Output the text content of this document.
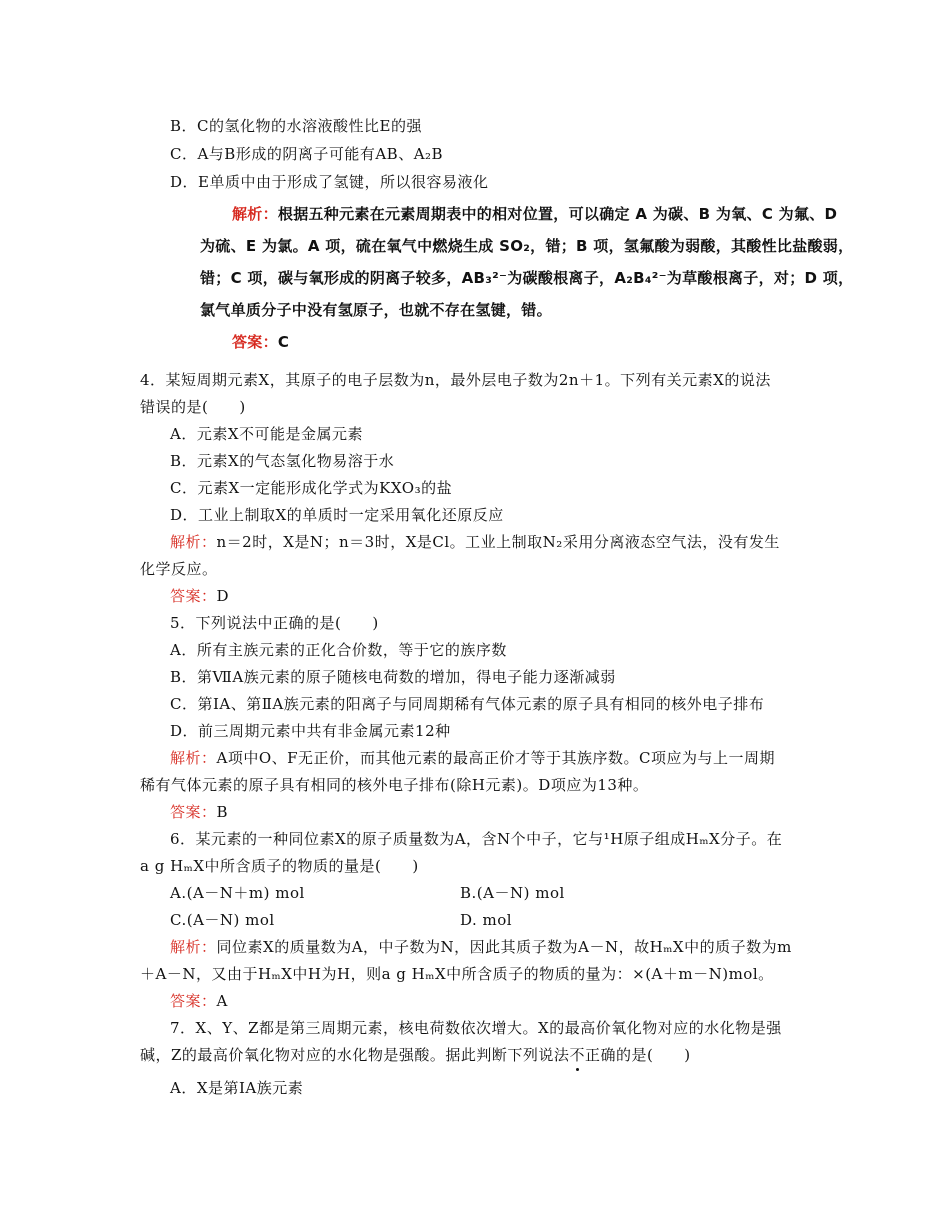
B．C的氢化物的水溶液酸性比E的强
C．A与B形成的阴离子可能有AB、A₂B
D．E单质中由于形成了氢键，所以很容易液化
解析：根据五种元素在元素周期表中的相对位置，可以确定 A 为碳、B 为氧、C 为氟、D
为硫、E 为氯。A 项，硫在氧气中燃烧生成 SO₂，错；B 项，氢氟酸为弱酸，其酸性比盐酸弱，
错；C 项，碳与氧形成的阴离子较多，AB₃²⁻为碳酸根离子，A₂B₄²⁻为草酸根离子，对；D 项，
氯气单质分子中没有氢原子，也就不存在氢键，错。
答案：C

4．某短周期元素X，其原子的电子层数为n，最外层电子数为2n＋1。下列有关元素X的说法
错误的是(　　)
A．元素X不可能是金属元素
B．元素X的气态氢化物易溶于水
C．元素X一定能形成化学式为KXO₃的盐
D．工业上制取X的单质时一定采用氧化还原反应
解析：n＝2时，X是N；n＝3时，X是Cl。工业上制取N₂采用分离液态空气法，没有发生
化学反应。
答案：D
5．下列说法中正确的是(　　)
A．所有主族元素的正化合价数，等于它的族序数
B．第ⅦA族元素的原子随核电荷数的增加，得电子能力逐渐减弱
C．第ⅠA、第ⅡA族元素的阳离子与同周期稀有气体元素的原子具有相同的核外电子排布
D．前三周期元素中共有非金属元素12种
解析：A项中O、F无正价，而其他元素的最高正价才等于其族序数。C项应为与上一周期
稀有气体元素的原子具有相同的核外电子排布(除H元素)。D项应为13种。
答案：B
6．某元素的一种同位素X的原子质量数为A，含N个中子，它与¹H原子组成HₘX分子。在
a g HₘX中所含质子的物质的量是(　　)
A.(A－N＋m) mol	B.(A－N) mol
C.(A－N) mol	D. mol
解析：同位素X的质量数为A，中子数为N，因此其质子数为A－N，故HₘX中的质子数为m
＋A－N，又由于HₘX中H为H，则a g HₘX中所含质子的物质的量为：×(A＋m－N)mol。
答案：A
7．X、Y、Z都是第三周期元素，核电荷数依次增大。X的最高价氧化物对应的水化物是强
碱，Z的最高价氧化物对应的水化物是强酸。据此判断下列说法不正确的是(　　)
A．X是第ⅠA族元素
